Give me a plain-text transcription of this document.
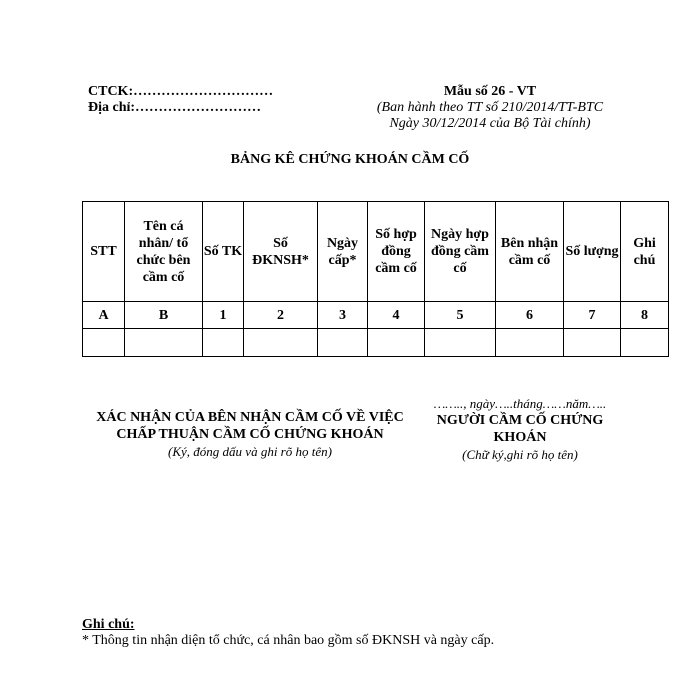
CTCK:…………………………
Địa chỉ:………………………
Mẫu số 26 - VT
(Ban hành theo TT số 210/2014/TT-BTC
Ngày 30/12/2014 của Bộ Tài chính)
BẢNG KÊ CHỨNG KHOÁN CẦM CỐ
STT	Tên cá nhân/ tổ chức bên cầm cố	Số TK	Số ĐKNSH*	Ngày cấp*	Số hợp đồng cầm cố	Ngày hợp đồng cầm cố	Bên nhận cầm cố	Số lượng	Ghi chú
A	B	1	2	3	4	5	6	7	8

XÁC NHẬN CỦA BÊN NHẬN CẦM CỐ VỀ VIỆC CHẤP THUẬN CẦM CỐ CHỨNG KHOÁN
(Ký, đóng dấu và ghi rõ họ tên)
…….., ngày…..tháng……năm…..
NGƯỜI CẦM CỐ CHỨNG KHOÁN
(Chữ ký,ghi rõ họ tên)
Ghi chú:
* Thông tin nhận diện tổ chức, cá nhân bao gồm số ĐKNSH và ngày cấp.
